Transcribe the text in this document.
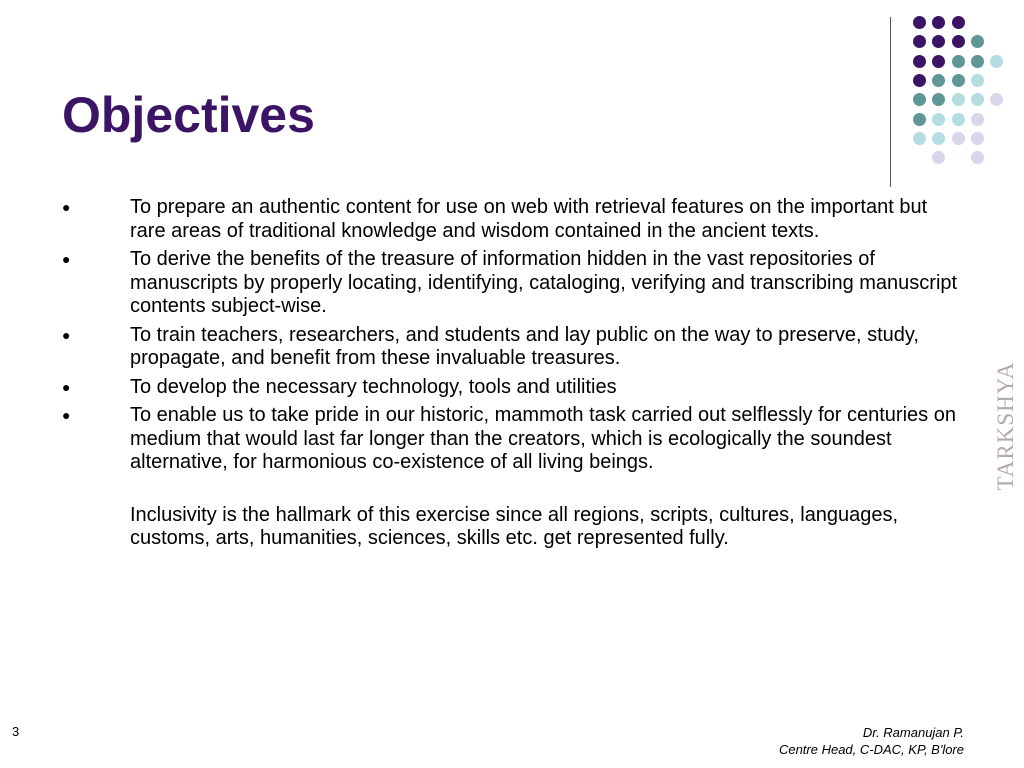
Objectives
●	To prepare an authentic content for use on web with retrieval features on the important but rare areas of traditional knowledge and wisdom contained in the ancient texts.
●	To derive the benefits of the treasure of information hidden in the vast repositories of manuscripts by properly locating, identifying, cataloging, verifying and transcribing manuscript contents subject-wise.
●	To train teachers, researchers, and students and lay public on the way to preserve, study, propagate, and benefit from these invaluable treasures.
●	To develop the necessary technology, tools and utilities
●	To enable us to take pride in our historic, mammoth task carried out selflessly for centuries on medium that would last far longer than the creators, which is ecologically the soundest alternative, for harmonious co-existence of all living beings.

Inclusivity is the hallmark of this exercise since all regions, scripts, cultures, languages, customs, arts, humanities, sciences, skills etc. get represented fully.

TARKSHYA
3	Dr. Ramanujan P.
Centre Head, C-DAC, KP, B'lore
